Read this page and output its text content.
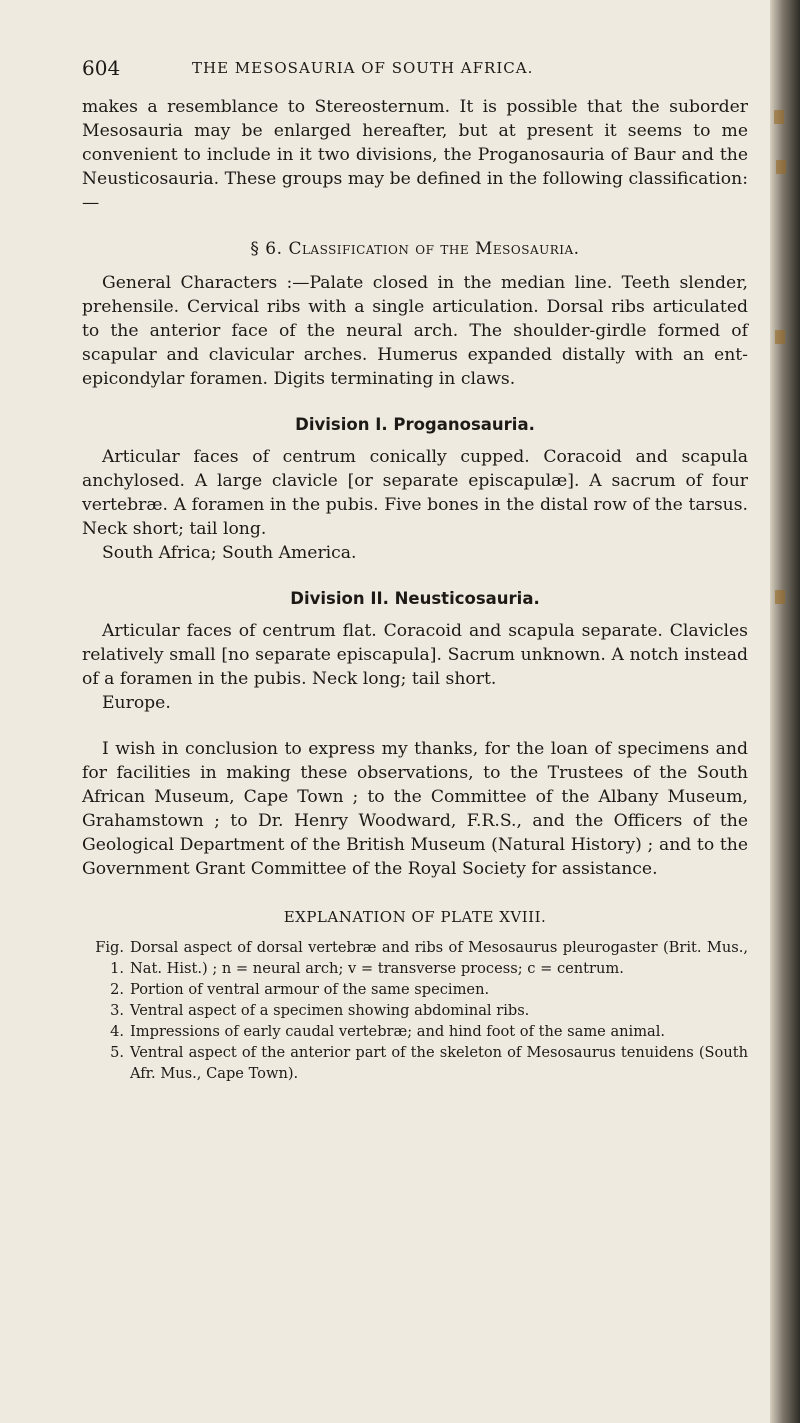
604	THE MESOSAURIA OF SOUTH AFRICA.

makes a resemblance to Stereosternum. It is possible that the suborder Mesosauria may be enlarged hereafter, but at present it seems to me convenient to include in it two divisions, the Proganosauria of Baur and the Neusticosauria. These groups may be defined in the following classification:—

§ 6. Classification of the Mesosauria.

General Characters :—Palate closed in the median line. Teeth slender, prehensile. Cervical ribs with a single articulation. Dorsal ribs articulated to the anterior face of the neural arch. The shoulder-girdle formed of scapular and clavicular arches. Humerus expanded distally with an ent-epicondylar foramen. Digits terminating in claws.

Division I. Proganosauria.

Articular faces of centrum conically cupped. Coracoid and scapula anchylosed. A large clavicle [or separate episcapulæ]. A sacrum of four vertebræ. A foramen in the pubis. Five bones in the distal row of the tarsus. Neck short; tail long.

South Africa; South America.

Division II. Neusticosauria.

Articular faces of centrum flat. Coracoid and scapula separate. Clavicles relatively small [no separate episcapula]. Sacrum unknown. A notch instead of a foramen in the pubis. Neck long; tail short.

Europe.

I wish in conclusion to express my thanks, for the loan of specimens and for facilities in making these observations, to the Trustees of the South African Museum, Cape Town ; to the Committee of the Albany Museum, Grahamstown ; to Dr. Henry Woodward, F.R.S., and the Officers of the Geological Department of the British Museum (Natural History) ; and to the Government Grant Committee of the Royal Society for assistance.

EXPLANATION OF PLATE XVIII.
Fig. 1.
Dorsal aspect of dorsal vertebræ and ribs of Mesosaurus pleurogaster (Brit. Mus., Nat. Hist.) ; n = neural arch; v = transverse process; c = centrum.
2. Portion of ventral armour of the same specimen.
3. Ventral aspect of a specimen showing abdominal ribs.
4. Impressions of early caudal vertebræ; and hind foot of the same animal.
5. Ventral aspect of the anterior part of the skeleton of Mesosaurus tenuidens (South Afr. Mus., Cape Town).
